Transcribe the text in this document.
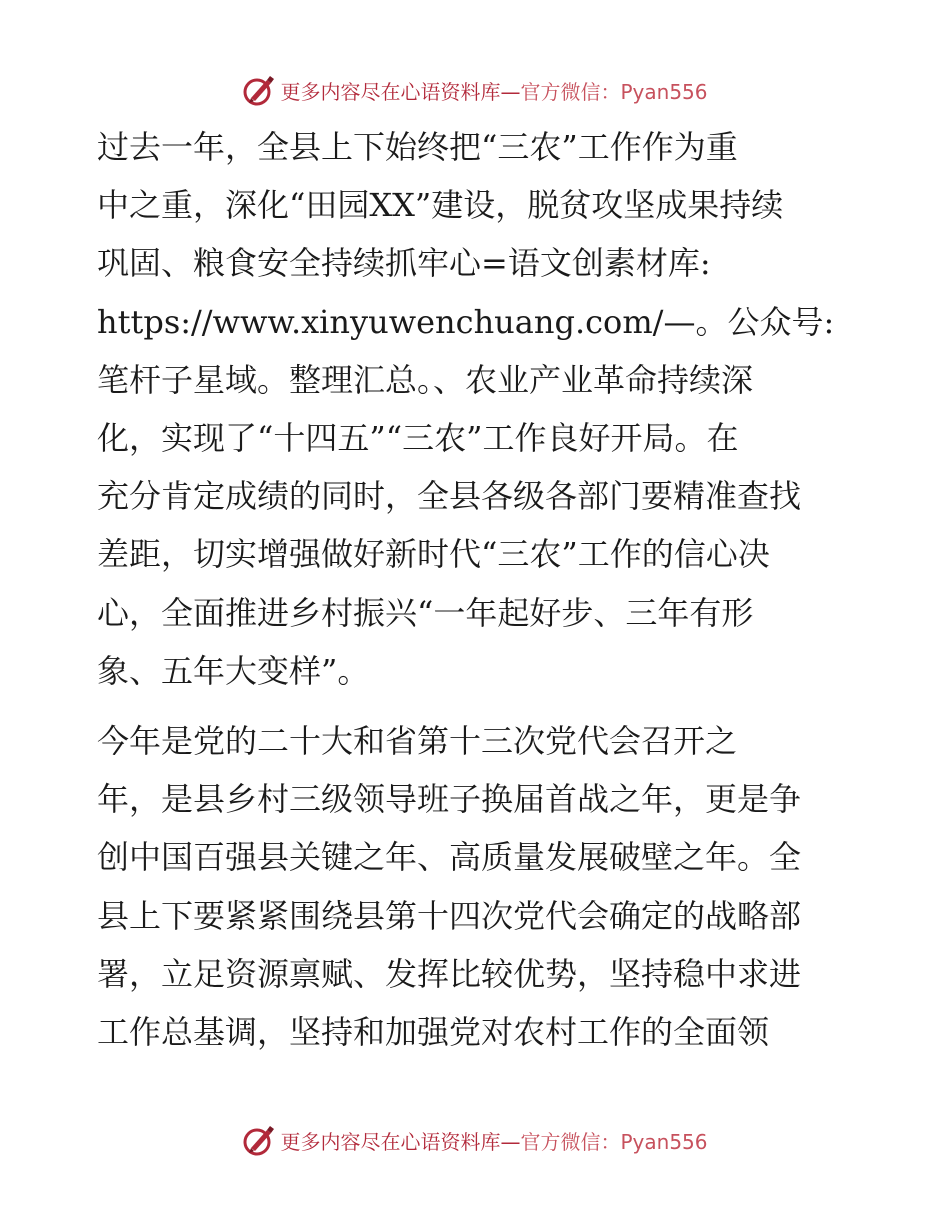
更多内容尽在心语资料库—官方微信：Pyan556
过去一年，全县上下始终把“三农”工作作为重
中之重，深化“田园XX”建设，脱贫攻坚成果持续
巩固、粮食安全持续抓牢心=语文创素材库:
https://www.xinyuwenchuang.com/—。公众号:
笔杆子星域。整理汇总。、农业产业革命持续深
化，实现了“十四五”“三农”工作良好开局。在
充分肯定成绩的同时，全县各级各部门要精准查找
差距，切实增强做好新时代“三农”工作的信心决
心，全面推进乡村振兴“一年起好步、三年有形
象、五年大变样”。
今年是党的二十大和省第十三次党代会召开之
年，是县乡村三级领导班子换届首战之年，更是争
创中国百强县关键之年、高质量发展破壁之年。全
县上下要紧紧围绕县第十四次党代会确定的战略部
署，立足资源禀赋、发挥比较优势，坚持稳中求进
工作总基调，坚持和加强党对农村工作的全面领
更多内容尽在心语资料库—官方微信：Pyan556
